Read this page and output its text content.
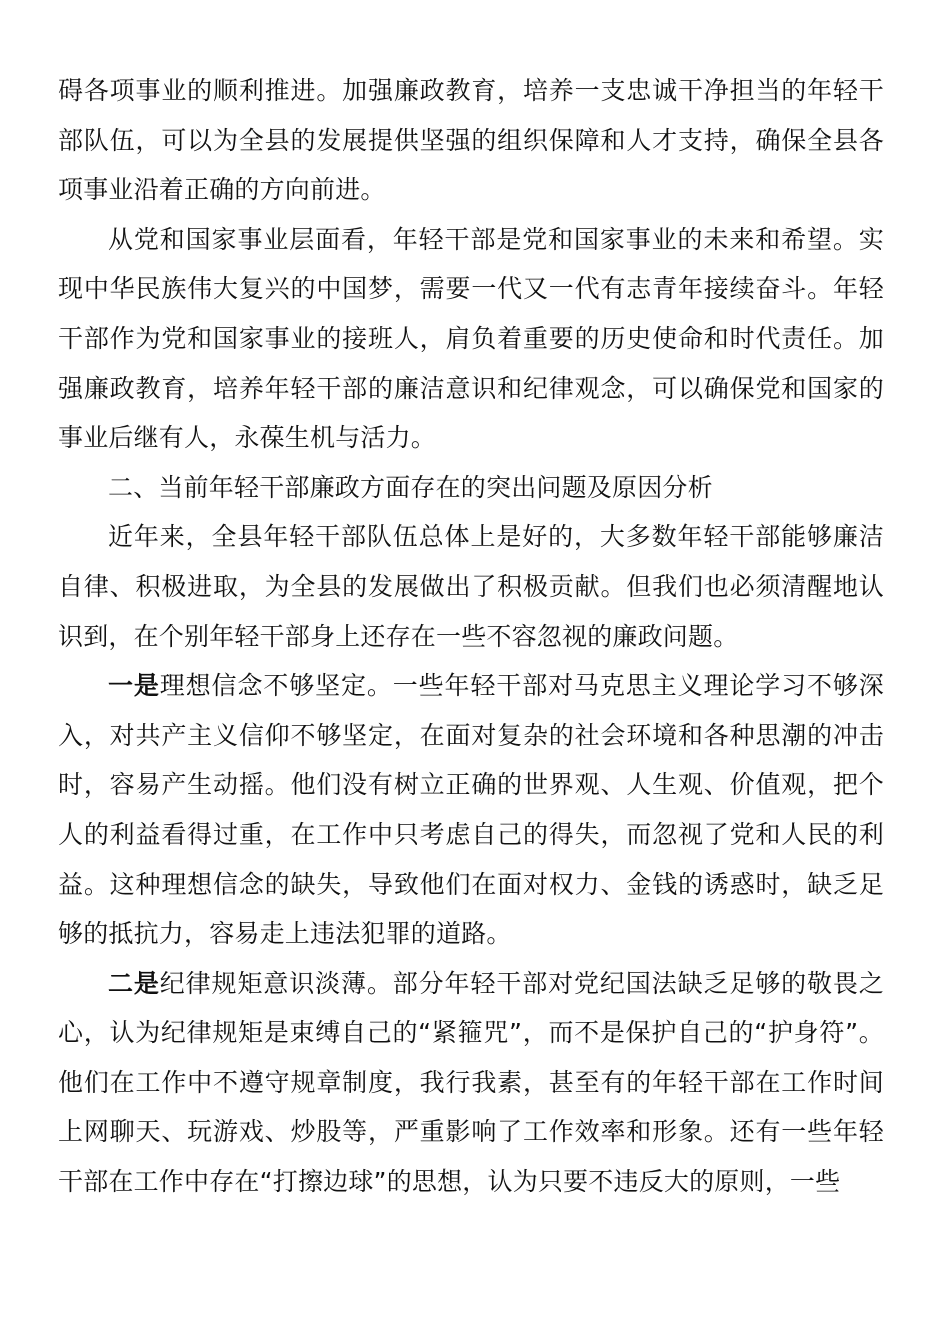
碍各项事业的顺利推进。加强廉政教育，培养一支忠诚干净担当的年轻干部队伍，可以为全县的发展提供坚强的组织保障和人才支持，确保全县各项事业沿着正确的方向前进。

从党和国家事业层面看，年轻干部是党和国家事业的未来和希望。实现中华民族伟大复兴的中国梦，需要一代又一代有志青年接续奋斗。年轻干部作为党和国家事业的接班人，肩负着重要的历史使命和时代责任。加强廉政教育，培养年轻干部的廉洁意识和纪律观念，可以确保党和国家的事业后继有人，永葆生机与活力。

二、当前年轻干部廉政方面存在的突出问题及原因分析

近年来，全县年轻干部队伍总体上是好的，大多数年轻干部能够廉洁自律、积极进取，为全县的发展做出了积极贡献。但我们也必须清醒地认识到，在个别年轻干部身上还存在一些不容忽视的廉政问题。

一是理想信念不够坚定。一些年轻干部对马克思主义理论学习不够深入，对共产主义信仰不够坚定，在面对复杂的社会环境和各种思潮的冲击时，容易产生动摇。他们没有树立正确的世界观、人生观、价值观，把个人的利益看得过重，在工作中只考虑自己的得失，而忽视了党和人民的利益。这种理想信念的缺失，导致他们在面对权力、金钱的诱惑时，缺乏足够的抵抗力，容易走上违法犯罪的道路。

二是纪律规矩意识淡薄。部分年轻干部对党纪国法缺乏足够的敬畏之心，认为纪律规矩是束缚自己的“紧箍咒”，而不是保护自己的“护身符”。他们在工作中不遵守规章制度，我行我素，甚至有的年轻干部在工作时间上网聊天、玩游戏、炒股等，严重影响了工作效率和形象。还有一些年轻干部在工作中存在“打擦边球”的思想，认为只要不违反大的原则，一些
